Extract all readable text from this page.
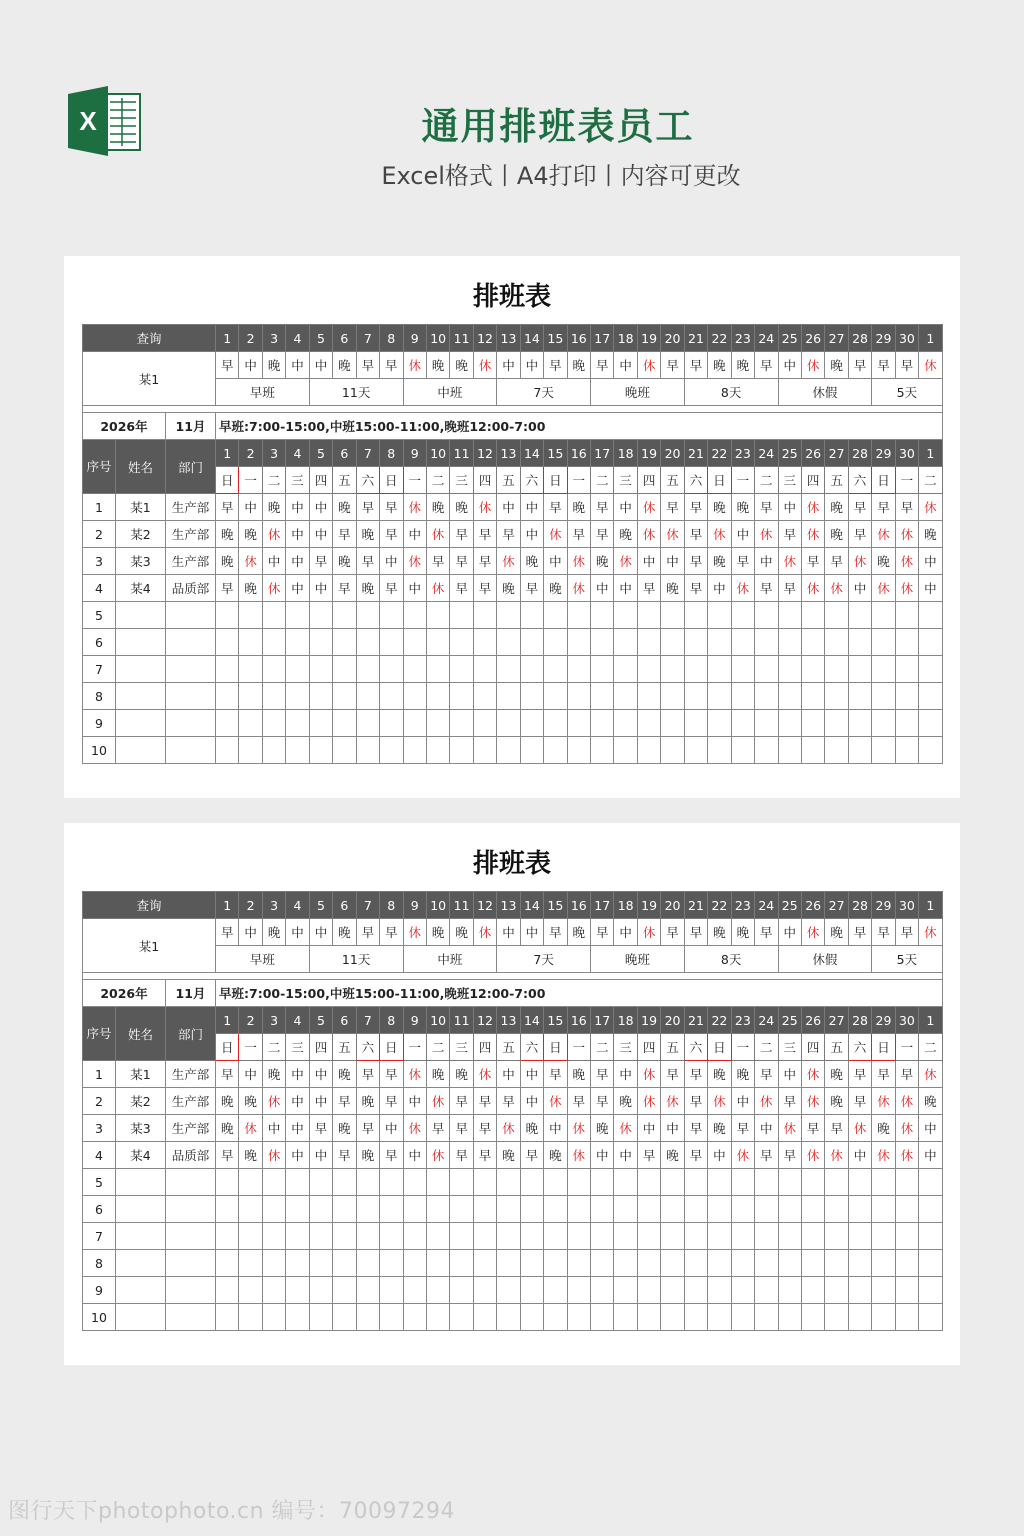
X	通用排班表员工
Excel格式丨A4打印丨内容可更改
排班表
查询			1	2	3	4	5	6	7	8	9	10	11	12	13	14	15	16	17	18	19	20	21	22	23	24	25	26	27	28	29	30	1
某1			早	中	晚	中	中	晚	早	早	休	晚	晚	休	中	中	早	晚	早	中	休	早	早	晚	晚	早	中	休	晚	早	早	早	休
			早班				11天				中班				7天				晚班				8天				休假				5天		

2026年		11月	早班:7:00-15:00,中班15:00-11:00,晚班12:00-7:00																														
序号	姓名	部门	1	2	3	4	5	6	7	8	9	10	11	12	13	14	15	16	17	18	19	20	21	22	23	24	25	26	27	28	29	30	1
			日	一	二	三	四	五	六	日	一	二	三	四	五	六	日	一	二	三	四	五	六	日	一	二	三	四	五	六	日	一	二
1	某1	生产部	早	中	晚	中	中	晚	早	早	休	晚	晚	休	中	中	早	晚	早	中	休	早	早	晚	晚	早	中	休	晚	早	早	早	休
2	某2	生产部	晚	晚	休	中	中	早	晚	早	中	休	早	早	早	中	休	早	早	晚	休	休	早	休	中	休	早	休	晚	早	休	休	晚
3	某3	生产部	晚	休	中	中	早	晚	早	中	休	早	早	早	休	晚	中	休	晚	休	中	中	早	晚	早	中	休	早	早	休	晚	休	中
4	某4	品质部	早	晚	休	中	中	早	晚	早	中	休	早	早	晚	早	晚	休	中	中	早	晚	早	中	休	早	早	休	休	中	休	休	中
5																																	
6																																	
7																																	
8																																	
9																																	
10																																	
排班表
查询			1	2	3	4	5	6	7	8	9	10	11	12	13	14	15	16	17	18	19	20	21	22	23	24	25	26	27	28	29	30	1
某1			早	中	晚	中	中	晚	早	早	休	晚	晚	休	中	中	早	晚	早	中	休	早	早	晚	晚	早	中	休	晚	早	早	早	休
			早班				11天				中班				7天				晚班				8天				休假				5天		

2026年		11月	早班:7:00-15:00,中班15:00-11:00,晚班12:00-7:00																														
序号	姓名	部门	1	2	3	4	5	6	7	8	9	10	11	12	13	14	15	16	17	18	19	20	21	22	23	24	25	26	27	28	29	30	1
			日	一	二	三	四	五	六	日	一	二	三	四	五	六	日	一	二	三	四	五	六	日	一	二	三	四	五	六	日	一	二
1	某1	生产部	早	中	晚	中	中	晚	早	早	休	晚	晚	休	中	中	早	晚	早	中	休	早	早	晚	晚	早	中	休	晚	早	早	早	休
2	某2	生产部	晚	晚	休	中	中	早	晚	早	中	休	早	早	早	中	休	早	早	晚	休	休	早	休	中	休	早	休	晚	早	休	休	晚
3	某3	生产部	晚	休	中	中	早	晚	早	中	休	早	早	早	休	晚	中	休	晚	休	中	中	早	晚	早	中	休	早	早	休	晚	休	中
4	某4	品质部	早	晚	休	中	中	早	晚	早	中	休	早	早	晚	早	晚	休	中	中	早	晚	早	中	休	早	早	休	休	中	休	休	中
5																																	
6																																	
7																																	
8																																	
9																																	
10																																	
图行天下photophoto.cn 编号：70097294
